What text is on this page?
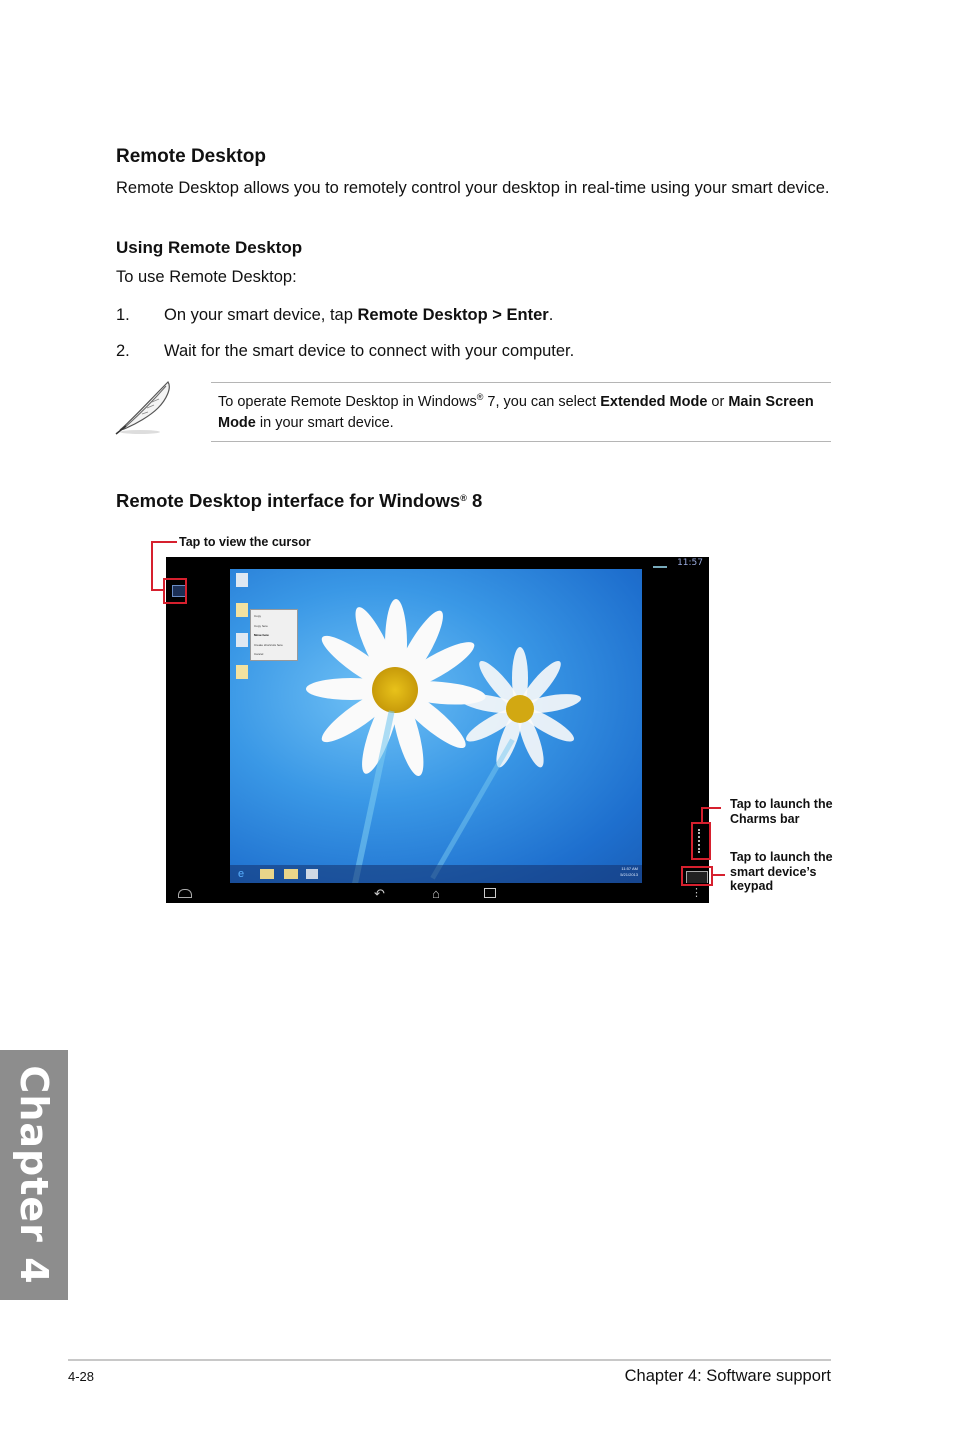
Remote Desktop
Remote Desktop allows you to remotely control your desktop in real-time using your smart device.
Using Remote Desktop
To use Remote Desktop:
1. On your smart device, tap Remote Desktop > Enter.
2. Wait for the smart device to connect with your computer.
To operate Remote Desktop in Windows® 7, you can select Extended Mode or Main Screen Mode in your smart device.
Remote Desktop interface for Windows® 8
11:57
Copy
Copy here
Move here
Create shortcuts here
Cancel
e	11:57 AM
5/21/2013
↶	⌂	⋮
Tap to view the cursor
Tap to launch the
Charms bar
Tap to launch the
smart device’s
keypad
Chapter 4
4-28	Chapter 4: Software support
